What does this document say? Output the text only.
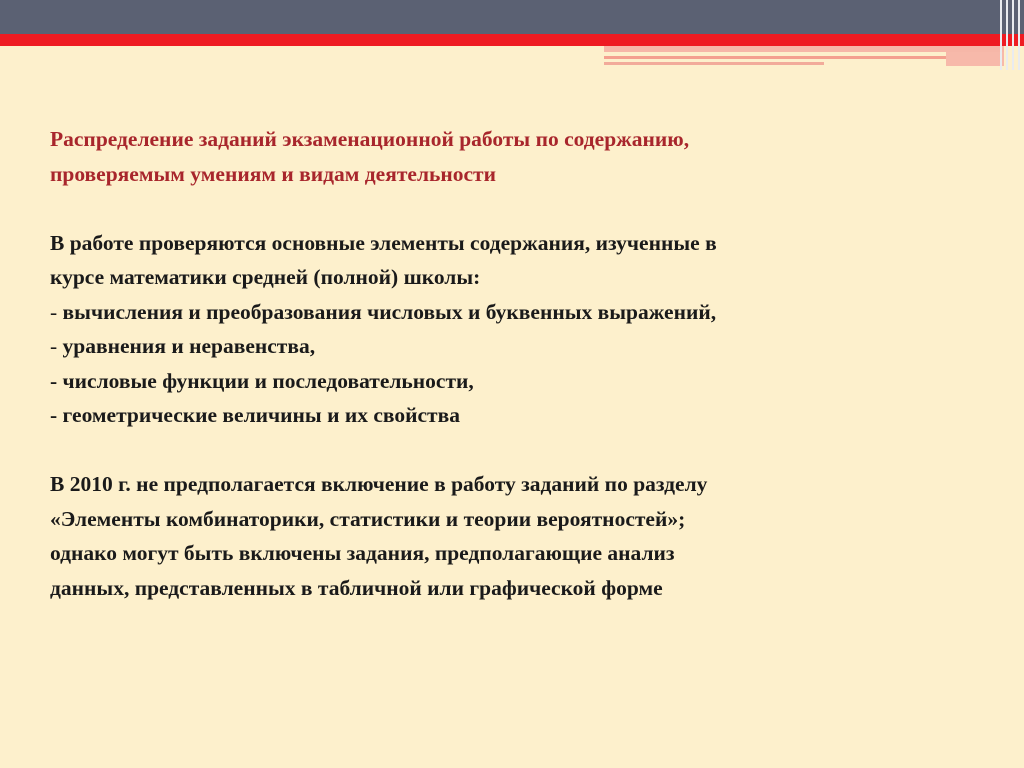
Распределение заданий экзаменационной работы по содержанию,
проверяемым умениям и видам деятельности
В работе проверяются основные элементы содержания, изученные в
курсе математики средней (полной) школы:
- вычисления и преобразования числовых и буквенных выражений,
- уравнения и неравенства,
- числовые функции и последовательности,
- геометрические величины и их свойства
В 2010 г. не предполагается включение в работу заданий по разделу
«Элементы комбинаторики, статистики и теории вероятностей»;
однако могут быть включены задания, предполагающие анализ
данных, представленных в табличной или графической форме
